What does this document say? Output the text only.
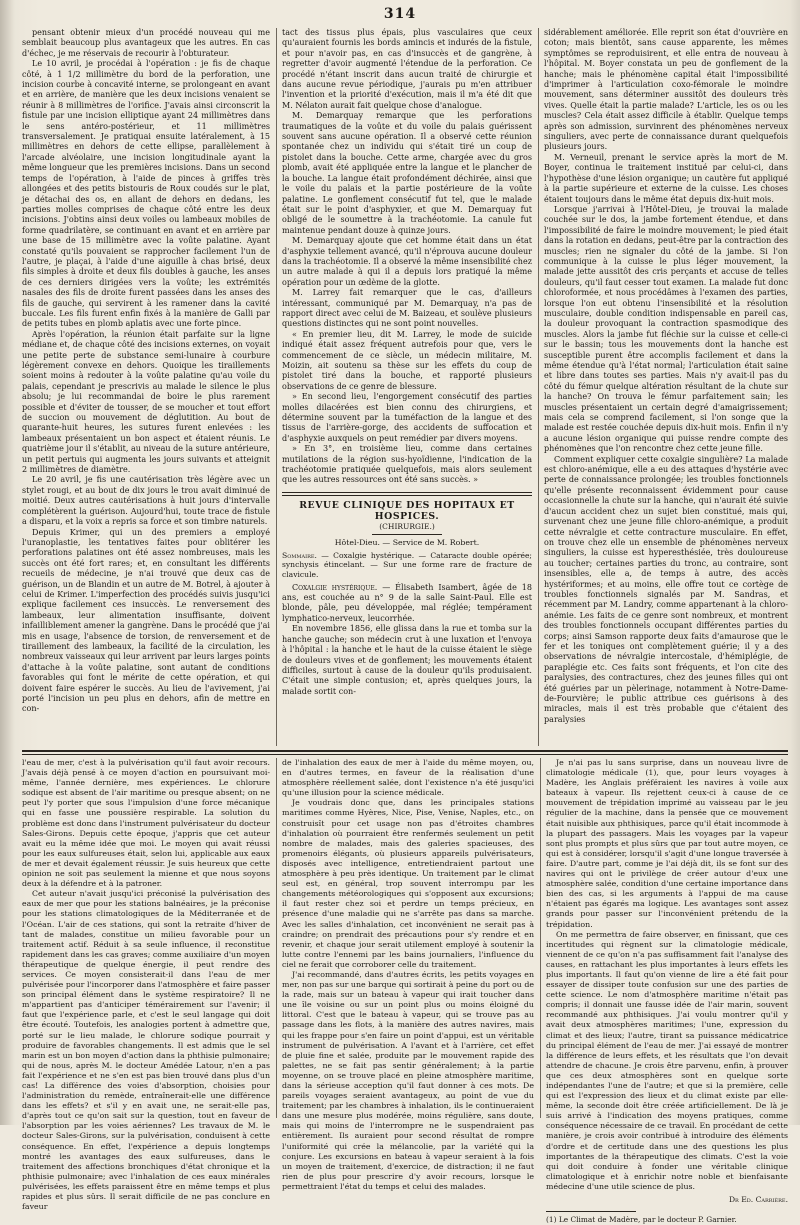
314

pensant obtenir mieux d'un procédé nouveau qui me semblait beaucoup plus avantageux que les autres. En cas d'échec, je me réservais de recourir à l'obturateur.

Le 10 avril, je procédai à l'opération : je fis de chaque côté, à 1 1/2 millimètre du bord de la perforation, une incision courbe à concavité interne, se prolongeant en avant et en arrière, de manière que les deux incisions venaient se réunir à 8 millimètres de l'orifice. J'avais ainsi circonscrit la fistule par une incision elliptique ayant 24 millimètres dans le sens antéro-postérieur, et 11 millimètres transversalement. Je pratiquai ensuite latéralement, à 15 millimètres en dehors de cette ellipse, parallèlement à l'arcade alvéolaire, une incision longitudinale ayant la même longueur que les premières incisions. Dans un second temps de l'opération, à l'aide de pinces à griffes très allongées et des petits bistouris de Roux coudés sur le plat, je détachai des os, en allant de dehors en dedans, les parties molles comprises de chaque côté entre les deux incisions. J'obtins ainsi deux voiles ou lambeaux mobiles de forme quadrilatère, se continuant en avant et en arrière par une base de 15 millimètre avec la voûte palatine. Ayant constaté qu'ils pouvaient se rapprocher facilement l'un de l'autre, je plaçai, à l'aide d'une aiguille à chas brisé, deux fils simples à droite et deux fils doubles à gauche, les anses de ces derniers dirigées vers la voûte; les extrémités nasales des fils de droite furent passées dans les anses des fils de gauche, qui servirent à les ramener dans la cavité buccale. Les fils furent enfin fixés à la manière de Galli par de petits tubes en plomb aplatis avec une forte pince.

Après l'opération, la réunion était parfaite sur la ligne médiane et, de chaque côté des incisions externes, on voyait une petite perte de substance semi-lunaire à courbure légèrement convexe en dehors. Quoique les tiraillements soient moins à redouter à la voûte palatine qu'au voile du palais, cependant je prescrivis au malade le silence le plus absolu; je lui recommandai de boire le plus rarement possible et d'éviter de tousser, de se moucher et tout effort de succion ou mouvement de déglutition. Au bout de quarante-huit heures, les sutures furent enlevées : les lambeaux présentaient un bon aspect et étaient réunis. Le quatrième jour il s'établit, au niveau de la suture antérieure, un petit pertuis qui augmenta les jours suivants et atteignit 2 millimètres de diamètre.

Le 20 avril, je fis une cautérisation très légère avec un stylet rougi, et au bout de dix jours le trou avait diminué de moitié. Deux autres cautérisations à huit jours d'intervalle complétèrent la guérison. Aujourd'hui, toute trace de fistule a disparu, et la voix a repris sa force et son timbre naturels.

Depuis Krimer, qui un des premiers a employé l'uranoplastie, les tentatives faites pour oblitérer les perforations palatines ont été assez nombreuses, mais les succès ont été fort rares; et, en consultant les différents recueils de médecine, je n'ai trouvé que deux cas de guérison, un de Blandin et un autre de M. Botrel, à ajouter à celui de Krimer. L'imperfection des procédés suivis jusqu'ici explique facilement ces insuccès. Le renversement des lambeaux, leur alimentation insuffisante, doivent infailliblement amener la gangrène. Dans le procédé que j'ai mis en usage, l'absence de torsion, de renversement et de tiraillement des lambeaux, la facilité de la circulation, les nombreux vaisseaux qui leur arrivent par leurs larges points d'attache à la voûte palatine, sont autant de conditions favorables qui font le mérite de cette opération, et qui doivent faire espérer le succès. Au lieu de l'avivement, j'ai porté l'incision un peu plus en dehors, afin de mettre en con-

tact des tissus plus épais, plus vasculaires que ceux qu'auraient fournis les bords amincis et indurés de la fistule, et pour n'avoir pas, en cas d'insuccès et de gangrène, à regretter d'avoir augmenté l'étendue de la perforation. Ce procédé n'étant inscrit dans aucun traité de chirurgie et dans aucune revue périodique, j'aurais pu m'en attribuer l'invention et la priorité d'exécution, mais il m'a été dit que M. Nélaton aurait fait quelque chose d'analogue.

M. Demarquay remarque que les perforations traumatiques de la voûte et du voile du palais guérissent souvent sans aucune opération. Il a observé cette réunion spontanée chez un individu qui s'était tiré un coup de pistolet dans la bouche. Cette arme, chargée avec du gros plomb, avait été appliquée entre la langue et le plancher de la bouche. La langue était profondément déchirée, ainsi que le voile du palais et la partie postérieure de la voûte palatine. Le gonflement consécutif fut tel, que le malade était sur le point d'asphyxier, et que M. Demarquay fut obligé de le soumettre à la trachéotomie. La canule fut maintenue pendant douze à quinze jours.

M. Demarquay ajoute que cet homme était dans un état d'asphyxie tellement avancé, qu'il n'éprouva aucune douleur dans la trachéotomie. Il a observé la même insensibilité chez un autre malade à qui il a depuis lors pratiqué la même opération pour un œdème de la glotte.

M. Larrey fait remarquer que le cas, d'ailleurs intéressant, communiqué par M. Demarquay, n'a pas de rapport direct avec celui de M. Baizeau, et soulève plusieurs questions distinctes qui ne sont point nouvelles.

« En premier lieu, dit M. Larrey, le mode de suicide indiqué était assez fréquent autrefois pour que, vers le commencement de ce siècle, un médecin militaire, M. Moizin, ait soutenu sa thèse sur les effets du coup de pistolet tiré dans la bouche, et rapporté plusieurs observations de ce genre de blessure.

» En second lieu, l'engorgement consécutif des parties molles dilacérées est bien connu des chirurgiens, et détermine souvent par la tuméfaction de la langue et des tissus de l'arrière-gorge, des accidents de suffocation et d'asphyxie auxquels on peut remédier par divers moyens.

» En 3°, en troisième lieu, comme dans certaines mutilations de la région sus-hyoïdienne, l'indication de la trachéotomie pratiquée quelquefois, mais alors seulement que les autres ressources ont été sans succès. »

REVUE CLINIQUE DES HOPITAUX ET HOSPICES.
(CHIRURGIE.)
Hôtel-Dieu. — Service de M. Robert.
Sommaire. — Coxalgie hystérique. — Cataracte double opérée; synchysis étincelant. — Sur une forme rare de fracture de clavicule.

Coxalgie hystérique. — Élisabeth Isambert, âgée de 18 ans, est couchée au n° 9 de la salle Saint-Paul. Elle est blonde, pâle, peu développée, mal réglée; tempérament lymphatico-nerveux, leucorrhée.

En novembre 1856, elle glissa dans la rue et tomba sur la hanche gauche; son médecin crut à une luxation et l'envoya à l'hôpital : la hanche et le haut de la cuisse étaient le siège de douleurs vives et de gonflement; les mouvements étaient difficiles, surtout à cause de la douleur qu'ils produisaient. C'était une simple contusion; et, après quelques jours, la malade sortit con-

sidérablement améliorée. Elle reprit son état d'ouvrière en coton; mais bientôt, sans cause apparente, les mêmes symptômes se reproduisirent, et elle entra de nouveau à l'hôpital. M. Boyer constata un peu de gonflement de la hanche; mais le phénomène capital était l'impossibilité d'imprimer à l'articulation coxo-fémorale le moindre mouvement, sans déterminer aussitôt des douleurs très vives. Quelle était la partie malade? L'article, les os ou les muscles? Cela était assez difficile à établir. Quelque temps après son admission, survinrent des phénomènes nerveux singuliers, avec perte de connaissance durant quelquefois plusieurs jours.

M. Verneuil, prenant le service après la mort de M. Boyer, continua le traitement institué par celui-ci, dans l'hypothèse d'une lésion organique; un cautère fut appliqué à la partie supérieure et externe de la cuisse. Les choses étaient toujours dans le même état depuis dix-huit mois.

Lorsque j'arrivai à l'Hôtel-Dieu, je trouvai la malade couchée sur le dos, la jambe fortement étendue, et dans l'impossibilité de faire le moindre mouvement; le pied était dans la rotation en dedans, peut-être par la contraction des muscles; rien ne signaler du côté de la jambe. Si l'on communique à la cuisse le plus léger mouvement, la malade jette aussitôt des cris perçants et accuse de telles douleurs, qu'il faut cesser tout examen. La malade fut donc chloroformée, et nous procédâmes à l'examen des parties, lorsque l'on eut obtenu l'insensibilité et la résolution musculaire, double condition indispensable en pareil cas, la douleur provoquant la contraction spasmodique des muscles. Alors la jambe fut fléchie sur la cuisse et celle-ci sur le bassin; tous les mouvements dont la hanche est susceptible purent être accomplis facilement et dans la même étendue qu'à l'état normal; l'articulation était saine et libre dans toutes ses parties. Mais n'y avait-il pas du côté du fémur quelque altération résultant de la chute sur la hanche? On trouva le fémur parfaitement sain; les muscles présentaient un certain degré d'amaigrissement; mais cela se comprend facilement, si l'on songe que la malade est restée couchée depuis dix-huit mois. Enfin il n'y a aucune lésion organique qui puisse rendre compte des phénomènes que l'on rencontre chez cette jeune fille.

Comment expliquer cette coxalgie singulière? La malade est chloro-anémique, elle a eu des attaques d'hystérie avec perte de connaissance prolongée; les troubles fonctionnels qu'elle présente reconnaissent évidemment pour cause occasionnelle la chute sur la hanche, qui n'aurait été suivie d'aucun accident chez un sujet bien constitué, mais qui, survenant chez une jeune fille chloro-anémique, a produit cette névralgie et cette contracture musculaire. En effet, on trouve chez elle un ensemble de phénomènes nerveux singuliers, la cuisse est hyperesthésiée, très douloureuse au toucher; certaines parties du tronc, au contraire, sont insensibles, elle a, de temps à autre, des accès hystériformes; et au moins, elle offre tout ce cortège de troubles fonctionnels signalés par M. Sandras, et récemment par M. Landry, comme appartenant à la chloro-anémie. Les faits de ce genre sont nombreux, et montrent des troubles fonctionnels occupant différentes parties du corps; ainsi Samson rapporte deux faits d'amaurose que le fer et les toniques ont complètement guérie; il y a des observations de névralgie intercostale, d'hémiplégie, de paraplégie etc. Ces faits sont fréquents, et l'on cite des paralysies, des contractures, chez des jeunes filles qui ont été guéries par un pèlerinage, notamment à Notre-Dame-de-Fourvière; le public attribue ces guérisons à des miracles, mais il est très probable que c'étaient des paralysies

l'eau de mer, c'est à la pulvérisation qu'il faut avoir recours. J'avais déjà pensé à ce moyen d'action en poursuivant moi-même, l'année dernière, mes expériences. Le chlorure sodique est absent de l'air maritime ou presque absent; on ne peut l'y porter que sous l'impulsion d'une force mécanique qui en fasse une poussière respirable. La solution du problème est donc dans l'instrument pulvérisateur du docteur Sales-Girons. Depuis cette époque, j'appris que cet auteur avait eu la même idée que moi. Le moyen qui avait réussi pour les eaux sulfureuses était, selon lui, applicable aux eaux de mer et devait également réussir. Je suis heureux que cette opinion ne soit pas seulement la mienne et que nous soyons deux à la défendre et à la patroner.

Cet auteur n'avait jusqu'ici préconisé la pulvérisation des eaux de mer que pour les stations balnéaires, je la préconise pour les stations climatologiques de la Méditerranée et de l'Océan. L'air de ces stations, qui sont la retraite d'hiver de tant de malades, constitue un milieu favorable pour un traitement actif. Réduit à sa seule influence, il reconstitue rapidement dans les cas graves; comme auxiliaire d'un moyen thérapeutique de quelque énergie, il peut rendre des services. Ce moyen consisterait-il dans l'eau de mer pulvérisée pour l'incorporer dans l'atmosphère et faire passer son principal élément dans le système respiratoire? Il ne m'appartient pas d'anticiper témérairement sur l'avenir; il faut que l'expérience parle, et c'est le seul langage qui doit être écouté. Toutefois, les analogies portent à admettre que, porté sur le lieu malade, le chlorure sodique pourrait y produire de favorables changements. Il est admis que le sel marin est un bon moyen d'action dans la phthisie pulmonaire; qui de nous, après M. le docteur Amédée Latour, n'en a pas fait l'expérience et ne s'en est pas bien trouvé dans plus d'un cas! La différence des voies d'absorption, choisies pour l'administration du remède, entraînerait-elle une différence dans les effets? et s'il y en avait une, ne serait-elle pas, d'après tout ce qu'on sait sur la question, tout en faveur de l'absorption par les voies aériennes? Les travaux de M. le docteur Sales-Girons, sur la pulvérisation, conduisent à cette conséquence. En effet, l'expérience a depuis longtemps montré les avantages des eaux sulfureuses, dans le traitement des affections bronchiques d'état chronique et la phthisie pulmonaire; avec l'inhalation de ces eaux minérales pulvérisées, les effets paraissent être en même temps et plus rapides et plus sûrs. Il serait difficile de ne pas conclure en faveur

de l'inhalation des eaux de mer à l'aide du même moyen, ou, en d'autres termes, en faveur de la réalisation d'une atmosphère réellement salée, dont l'existence n'a été jusqu'ici qu'une illusion pour la science médicale.

Je voudrais donc que, dans les principales stations maritimes comme Hyères, Nice, Pise, Venise, Naples, etc., on construisît pour cet usage non pas d'étroites chambres d'inhalation où pourraient être renfermés seulement un petit nombre de malades, mais des galeries spacieuses, des promenoirs élégants, où plusieurs appareils pulvérisateurs, disposés avec intelligence, entretiendraient partout une atmosphère à peu près identique. Un traitement par le climat seul est, en général, trop souvent interrompu par les changements météorologiques qui s'opposent aux excursions; il faut rester chez soi et perdre un temps précieux, en présence d'une maladie qui ne s'arrête pas dans sa marche. Avec les salles d'inhalation, cet inconvénient ne serait pas à craindre; on prendrait des précautions pour s'y rendre et en revenir, et chaque jour serait utilement employé à soutenir la lutte contre l'ennemi par les bains journaliers, l'influence du ciel ne ferait que corroborer celle du traitement.

J'ai recommandé, dans d'autres écrits, les petits voyages en mer, non pas sur une barque qui sortirait à peine du port ou de la rade, mais sur un bateau à vapeur qui irait toucher dans une île voisine ou sur un point plus ou moins éloigné du littoral. C'est que le bateau à vapeur, qui se trouve pas au passage dans les flots, à la manière des autres navires, mais qui les frappe pour s'en faire un point d'appui, est un véritable instrument de pulvérisation. A l'avant et à l'arrière, cet effet de pluie fine et salée, produite par le mouvement rapide des palettes, ne se fait pas sentir généralement; à la partie moyenne, on se trouve placé en pleine atmosphère maritime, dans la sérieuse acception qu'il faut donner à ces mots. De pareils voyages seraient avantageux, au point de vue du traitement; par les chambres à inhalation, ils le continueraient dans une mesure plus modérée, moins régulière, sans doute, mais qui moins de l'interrompre ne le suspendraient pas entièrement. Ils auraient pour second résultat de rompre l'uniformité qui crée la mélancolie, par la variété qui la conjure. Les excursions en bateau à vapeur seraient à la fois un moyen de traitement, d'exercice, de distraction; il ne faut rien de plus pour prescrire d'y avoir recours, lorsque le permettraient l'état du temps et celui des malades.

Je n'ai pas lu sans surprise, dans un nouveau livre de climatologie médicale (1), que, pour leurs voyages à Madère, les Anglais préféraient les navires à voile aux bateaux à vapeur. Ils rejettent ceux-ci à cause de ce mouvement de trépidation imprimé au vaisseau par le jeu régulier de la machine, dans la pensée que ce mouvement était nuisible aux phthisiques, parce qu'il était incommode à la plupart des passagers. Mais les voyages par la vapeur sont plus prompts et plus sûrs que par tout autre moyen, ce qui est à considérer, lorsqu'il s'agit d'une longue traversée à faire. D'autre part, comme je l'ai déjà dit, ils se font sur des navires qui ont le privilège de créer autour d'eux une atmosphère salée, condition d'une certaine importance dans bien des cas, si les arguments à l'appui de ma cause n'étaient pas égarés ma logique. Les avantages sont assez grands pour passer sur l'inconvénient prétendu de la trépidation.

On me permettra de faire observer, en finissant, que ces incertitudes qui règnent sur la climatologie médicale, viennent de ce qu'on n'a pas suffisamment fait l'analyse des causes, en rattachant les plus importantes à leurs effets les plus importants. Il faut qu'on vienne de lire a été fait pour essayer de dissiper toute confusion sur une des parties de cette science. Le nom d'atmosphère maritime n'était pas compris; il donnait une fausse idée de l'air marin, souvent recommandé aux phthisiques. J'ai voulu montrer qu'il y avait deux atmosphères maritimes; l'une, expression du climat et des lieux; l'autre, tirant sa puissance médicatrice du principal élément de l'eau de mer. J'ai essayé de montrer la différence de leurs effets, et les résultats que l'on devait attendre de chacune. Je crois être parvenu, enfin, à prouver que ces deux atmosphères sont en quelque sorte indépendantes l'une de l'autre; et que si la première, celle qui est l'expression des lieux et du climat existe par elle-même, la seconde doit être créée artificiellement. De là je suis arrivé à l'indication des moyens pratiques, comme conséquence nécessaire de ce travail. En procédant de cette manière, je crois avoir contribué à introduire des éléments d'ordre et de certitude dans une des questions les plus importantes de la thérapeutique des climats. C'est la voie qui doit conduire à fonder une véritable clinique climatologique et à enrichir notre noble et bienfaisante médecine d'une utile science de plus.

Dr Ed. Carrière.
(1) Le Climat de Madère, par le docteur P. Garnier.
